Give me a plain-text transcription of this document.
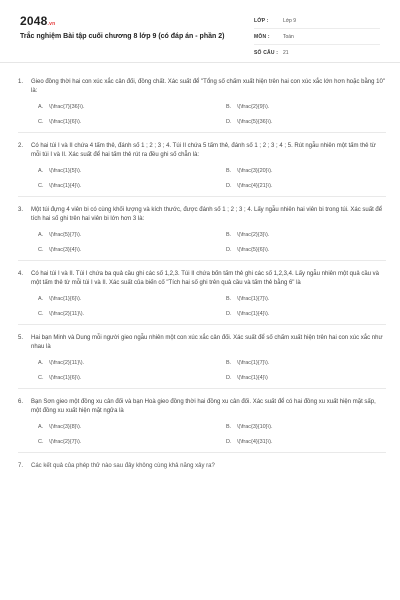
2048.vn
Trắc nghiệm Bài tập cuối chương 8 lớp 9 (có đáp án - phần 2)
LỚP :	Lớp 9
MÔN :	Toán
SỐ CÂU : 21
1.	Gieo đồng thời hai con xúc xắc cân đối, đồng chất. Xác suất để "Tổng số chấm xuất hiện trên hai con xúc xắc lớn hơn hoặc bằng 10" là:
A.	\(\frac{7}{36}\).	B.	\(\frac{2}{9}\).
C.	\(\frac{1}{6}\).	D.	\(\frac{5}{36}\).
2.	Có hai túi I và II chứa 4 tấm thẻ, đánh số 1 ; 2 ; 3 ; 4. Túi II chứa 5 tấm thẻ, đánh số 1 ; 2 ; 3 ; 4 ; 5. Rút ngẫu nhiên một tấm thẻ từ mỗi túi I và II. Xác suất để hai tấm thẻ rút ra đều ghi số chẵn là:
A.	\(\frac{1}{5}\).	B.	\(\frac{3}{20}\).
C.	\(\frac{1}{4}\).	D.	\(\frac{4}{21}\).
3.	Một túi đựng 4 viên bi có cùng khối lượng và kích thước, được đánh số 1 ; 2 ; 3 ; 4. Lấy ngẫu nhiên hai viên bi trong túi. Xác suất để tích hai số ghi trên hai viên bi lớn hơn 3 là:
A.	\(\frac{5}{7}\).	B.	\(\frac{2}{3}\).
C.	\(\frac{3}{4}\).	D.	\(\frac{5}{6}\).
4.	Có hai túi I và II. Túi I chứa ba quả cầu ghi các số 1,2,3. Túi II chứa bốn tấm thẻ ghi các số 1,2,3,4. Lấy ngẫu nhiên một quả cầu và một tấm thẻ từ mỗi túi I và II. Xác suất của biến cố "Tích hai số ghi trên quả cầu và tấm thẻ bằng 6" là
A.	\(\frac{1}{6}\).	B.	\(\frac{1}{7}\).
C.	\(\frac{2}{11}\).	D.	\(\frac{1}{4}\).
5.	Hai bạn Minh và Dung mỗi người gieo ngẫu nhiên một con xúc xắc cân đối. Xác suất để số chấm xuất hiện trên hai con xúc xắc như nhau là
A.	\(\frac{2}{11}\).	B.	\(\frac{1}{7}\).
C.	\(\frac{1}{6}\).	D.	\(\frac{1}{4}\)
6.	Bạn Sơn gieo một đồng xu cân đối và bạn Hoà gieo đồng thời hai đồng xu cân đối. Xác suất để có hai đồng xu xuất hiện mặt sấp, một đồng xu xuất hiện mặt ngửa là
A.	\(\frac{3}{8}\).	B.	\(\frac{3}{10}\).
C.	\(\frac{2}{7}\).	D.	\(\frac{4}{31}\).
7.	Các kết quả của phép thử nào sau đây không cùng khả năng xảy ra?
